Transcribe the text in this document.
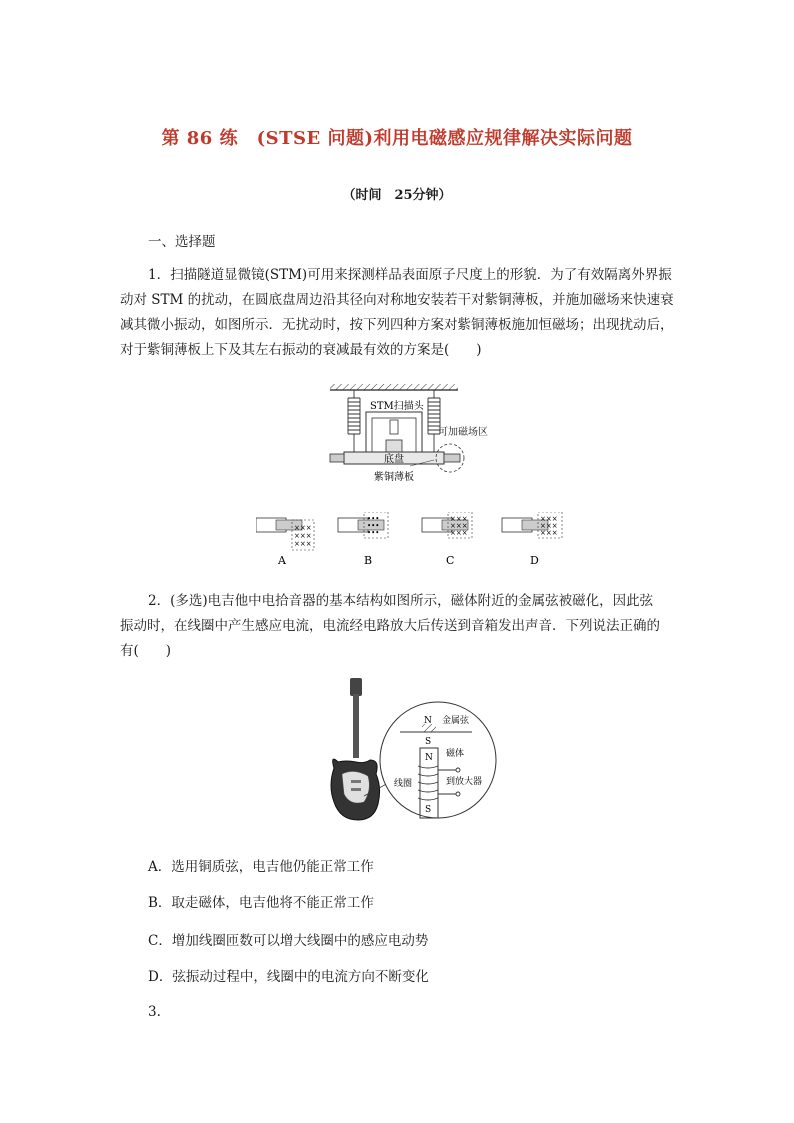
第 86 练　(STSE 问题)利用电磁感应规律解决实际问题
（时间　25分钟）
一、选择题

1．扫描隧道显微镜(STM)可用来探测样品表面原子尺度上的形貌．为了有效隔离外界振

动对 STM 的扰动，在圆底盘周边沿其径向对称地安装若干对紫铜薄板，并施加磁场来快速衰

减其微小振动，如图所示．无扰动时，按下列四种方案对紫铜薄板施加恒磁场；出现扰动后，

对于紫铜薄板上下及其左右振动的衰减最有效的方案是(　　)

STM扫描头
底盘
紫铜薄板
可加磁场区
×××
×××
×××
•••
•••
•••
×××
×××
×××
×××
×××
×××
A	B	C	D

2．(多选)电吉他中电拾音器的基本结构如图所示，磁体附近的金属弦被磁化，因此弦

振动时，在线圈中产生感应电流，电流经电路放大后传送到音箱发出声音．下列说法正确的

有(　　)

N 金属弦
S
N 磁体
线圈	到放大器
S
A．选用铜质弦，电吉他仍能正常工作
B．取走磁体，电吉他将不能正常工作
C．增加线圈匝数可以增大线圈中的感应电动势
D．弦振动过程中，线圈中的电流方向不断变化
3.
